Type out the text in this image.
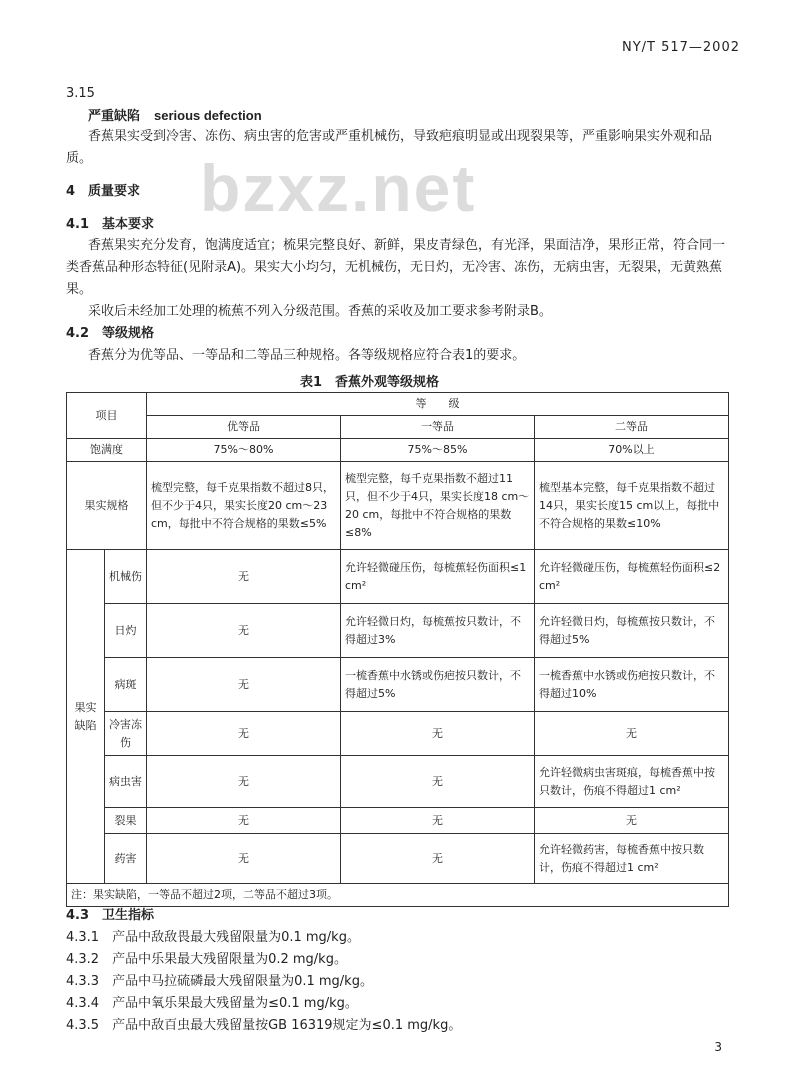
NY/T 517—2002
bzxz.net
3.15
严重缺陷 serious defection
香蕉果实受到冷害、冻伤、病虫害的危害或严重机械伤，导致疤痕明显或出现裂果等，严重影响果实外观和品质。
4　质量要求
4.1　基本要求
香蕉果实充分发育，饱满度适宜；梳果完整良好、新鲜，果皮青绿色，有光泽，果面洁净，果形正常，符合同一类香蕉品种形态特征(见附录A)。果实大小均匀，无机械伤，无日灼，无冷害、冻伤，无病虫害，无裂果，无黄熟蕉果。
采收后未经加工处理的梳蕉不列入分级范围。香蕉的采收及加工要求参考附录B。
4.2　等级规格
香蕉分为优等品、一等品和二等品三种规格。各等级规格应符合表1的要求。
表1　香蕉外观等级规格
项目		等　　级		
		优等品	一等品	二等品
饱满度		75%～80%	75%～85%	70%以上
果实规格		梳型完整，每千克果指数不超过8只，但不少于4只，果实长度20 cm～23 cm，每批中不符合规格的果数≤5%	梳型完整，每千克果指数不超过11只，但不少于4只，果实长度18 cm～20 cm，每批中不符合规格的果数≤8%	梳型基本完整，每千克果指数不超过14只，果实长度15 cm以上，每批中不符合规格的果数≤10%
果实缺陷	机械伤	无	允许轻微碰压伤，每梳蕉轻伤面积≤1 cm²	允许轻微碰压伤，每梳蕉轻伤面积≤2 cm²
	日灼	无	允许轻微日灼，每梳蕉按只数计，不得超过3%	允许轻微日灼，每梳蕉按只数计，不得超过5%
	病斑	无	一梳香蕉中水锈或伤疤按只数计，不得超过5%	一梳香蕉中水锈或伤疤按只数计，不得超过10%
	冷害冻伤	无	无	无
	病虫害	无	无	允许轻微病虫害斑痕，每梳香蕉中按只数计，伤痕不得超过1 cm²
	裂果	无	无	无
	药害	无	无	允许轻微药害，每梳香蕉中按只数计，伤痕不得超过1 cm²
注：果实缺陷，一等品不超过2项，二等品不超过3项。				
4.3　卫生指标
4.3.1　产品中敌敌畏最大残留限量为0.1 mg/kg。
4.3.2　产品中乐果最大残留限量为0.2 mg/kg。
4.3.3　产品中马拉硫磷最大残留限量为0.1 mg/kg。
4.3.4　产品中氧乐果最大残留量为≤0.1 mg/kg。
4.3.5　产品中敌百虫最大残留量按GB 16319规定为≤0.1 mg/kg。
3
